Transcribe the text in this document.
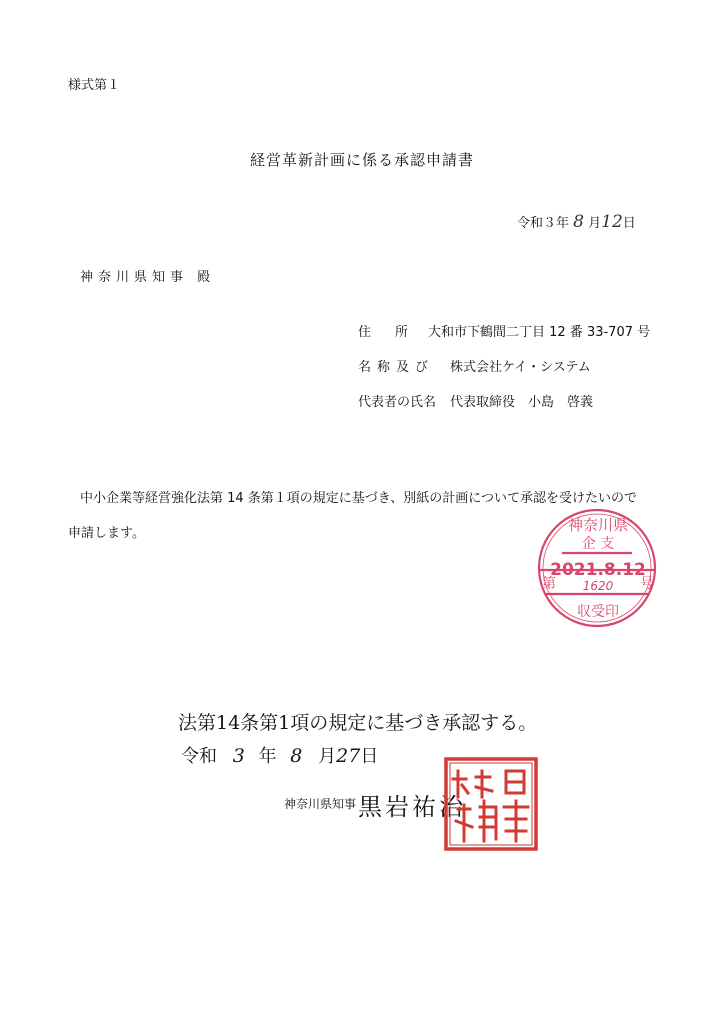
様式第１
経営革新計画に係る承認申請書
令和３年 8 月12日
神奈川県知事 殿
住所
大和市下鶴間二丁目 12 番 33-707 号
名称及び 株式会社ケイ・システム
代表者の氏名 代表取締役　小島　啓義
中小企業等経営強化法第 14 条第１項の規定に基づき、別紙の計画について承認を受けたいので
申請します。	神奈川県
企 支
第
2021.8.12
号
1620
収受印
法第14条第1項の規定に基づき承認する。
令和 3 年 8 月27日
神奈川県知事 黒岩祐治
